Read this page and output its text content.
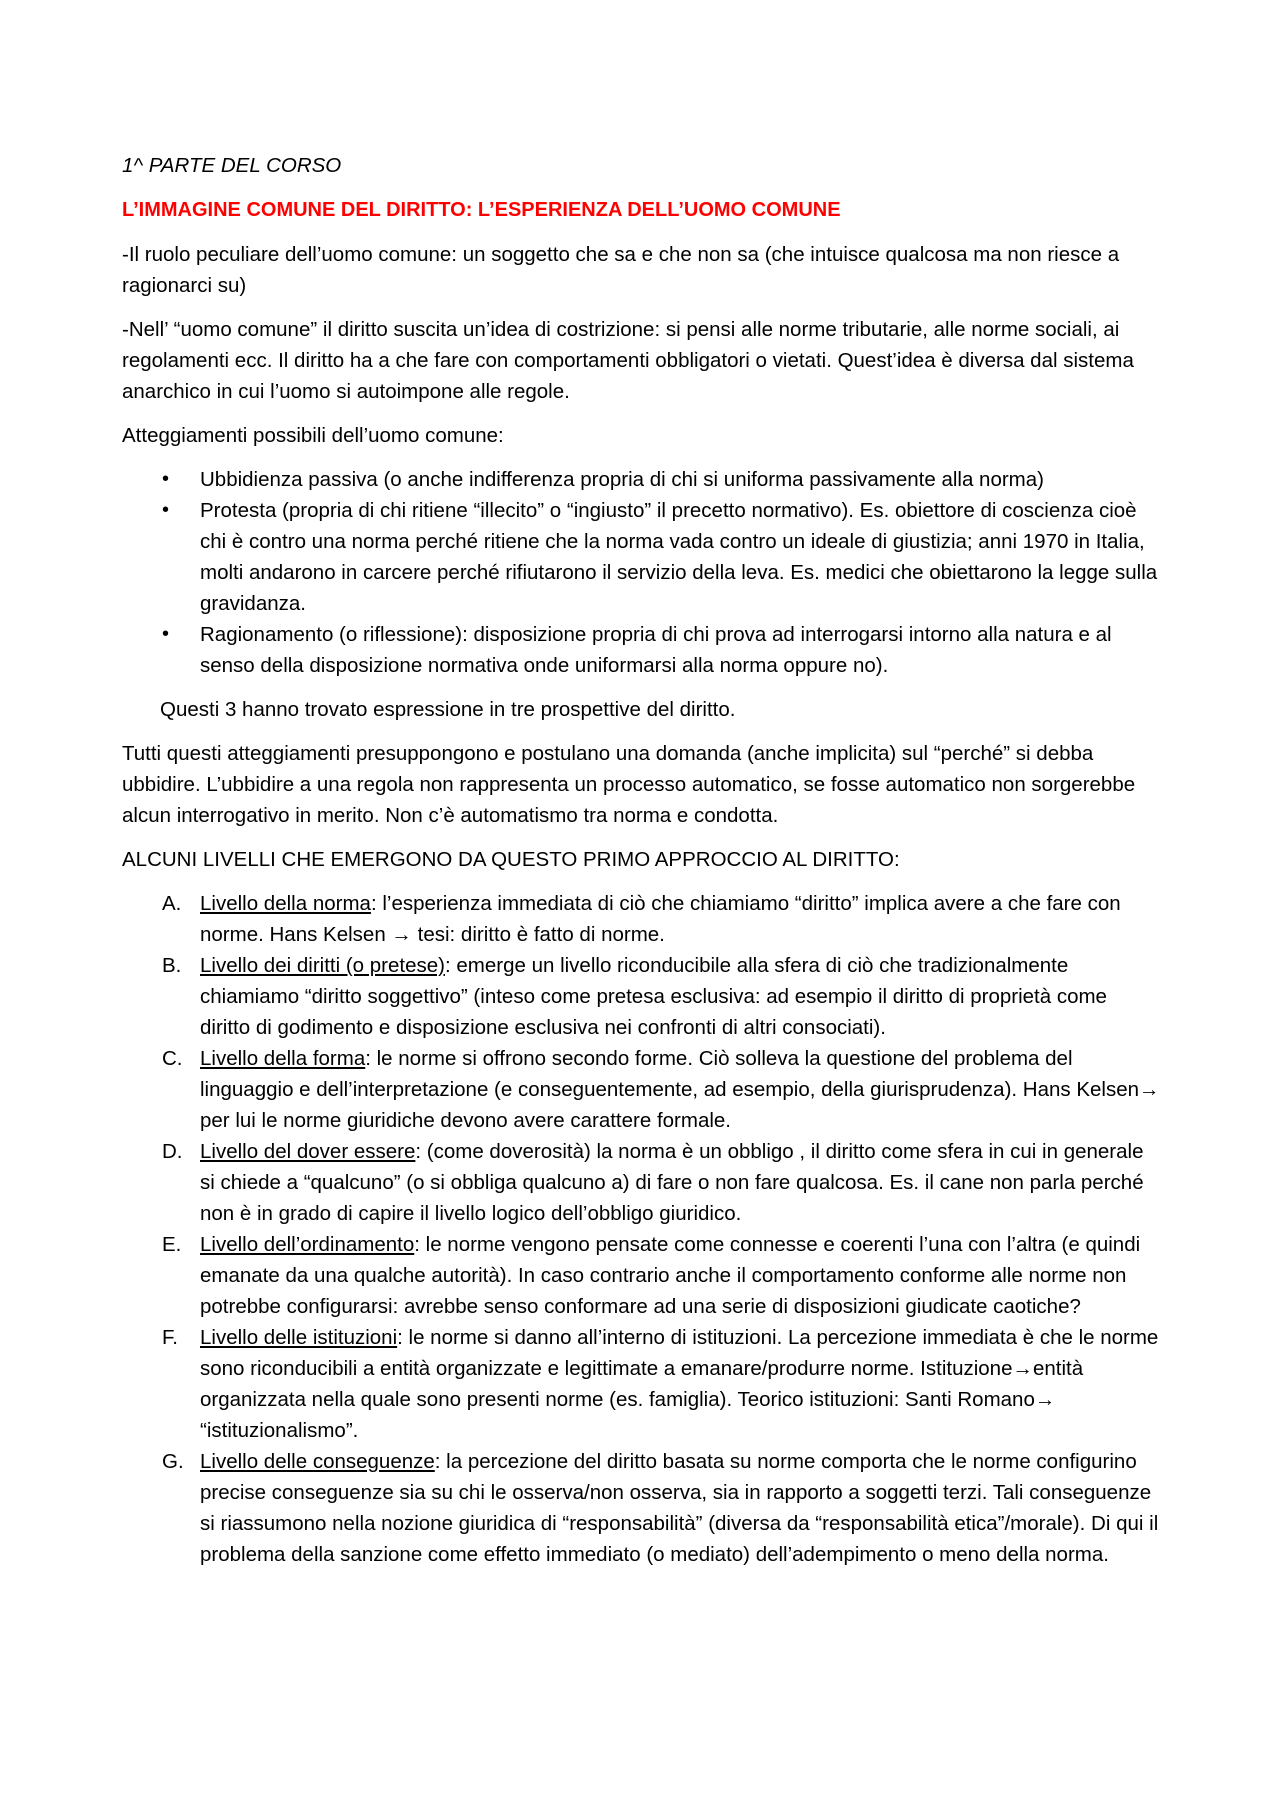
1^ PARTE DEL CORSO

L’IMMAGINE COMUNE DEL DIRITTO: L’ESPERIENZA DELL’UOMO COMUNE

-Il ruolo peculiare dell’uomo comune: un soggetto che sa e che non sa (che intuisce qualcosa ma non riesce a ragionarci su)

-Nell’ “uomo comune” il diritto suscita un’idea di costrizione: si pensi alle norme tributarie, alle norme sociali, ai regolamenti ecc. Il diritto ha a che fare con comportamenti obbligatori o vietati. Quest’idea è diversa dal sistema anarchico in cui l’uomo si autoimpone alle regole.

Atteggiamenti possibili dell’uomo comune:

• Ubbidienza passiva (o anche indifferenza propria di chi si uniforma passivamente alla norma)
• Protesta (propria di chi ritiene “illecito” o “ingiusto” il precetto normativo). Es. obiettore di coscienza cioè chi è contro una norma perché ritiene che la norma vada contro un ideale di giustizia; anni 1970 in Italia, molti andarono in carcere perché rifiutarono il servizio della leva. Es. medici che obiettarono la legge sulla gravidanza.
• Ragionamento (o riflessione): disposizione propria di chi prova ad interrogarsi intorno alla natura e al senso della disposizione normativa onde uniformarsi alla norma oppure no).

Questi 3 hanno trovato espressione in tre prospettive del diritto.

Tutti questi atteggiamenti presuppongono e postulano una domanda (anche implicita) sul “perché” si debba ubbidire. L’ubbidire a una regola non rappresenta un processo automatico, se fosse automatico non sorgerebbe alcun interrogativo in merito. Non c’è automatismo tra norma e condotta.

ALCUNI LIVELLI CHE EMERGONO DA QUESTO PRIMO APPROCCIO AL DIRITTO:

A. Livello della norma: l’esperienza immediata di ciò che chiamiamo “diritto” implica avere a che fare con norme. Hans Kelsen → tesi: diritto è fatto di norme.
B. Livello dei diritti (o pretese): emerge un livello riconducibile alla sfera di ciò che tradizionalmente chiamiamo “diritto soggettivo” (inteso come pretesa esclusiva: ad esempio il diritto di proprietà come diritto di godimento e disposizione esclusiva nei confronti di altri consociati).
C. Livello della forma: le norme si offrono secondo forme. Ciò solleva la questione del problema del linguaggio e dell’interpretazione (e conseguentemente, ad esempio, della giurisprudenza). Hans Kelsen→ per lui le norme giuridiche devono avere carattere formale.
D. Livello del dover essere: (come doverosità) la norma è un obbligo , il diritto come sfera in cui in generale si chiede a “qualcuno” (o si obbliga qualcuno a) di fare o non fare qualcosa. Es. il cane non parla perché non è in grado di capire il livello logico dell’obbligo giuridico.
E. Livello dell’ordinamento: le norme vengono pensate come connesse e coerenti l’una con l’altra (e quindi emanate da una qualche autorità). In caso contrario anche il comportamento conforme alle norme non potrebbe configurarsi: avrebbe senso conformare ad una serie di disposizioni giudicate caotiche?
F. Livello delle istituzioni: le norme si danno all’interno di istituzioni. La percezione immediata è che le norme sono riconducibili a entità organizzate e legittimate a emanare/produrre norme. Istituzione→entità organizzata nella quale sono presenti norme (es. famiglia). Teorico istituzioni: Santi Romano→ “istituzionalismo”.
G. Livello delle conseguenze: la percezione del diritto basata su norme comporta che le norme configurino precise conseguenze sia su chi le osserva/non osserva, sia in rapporto a soggetti terzi. Tali conseguenze si riassumono nella nozione giuridica di “responsabilità” (diversa da “responsabilità etica”/morale). Di qui il problema della sanzione come effetto immediato (o mediato) dell’adempimento o meno della norma.
